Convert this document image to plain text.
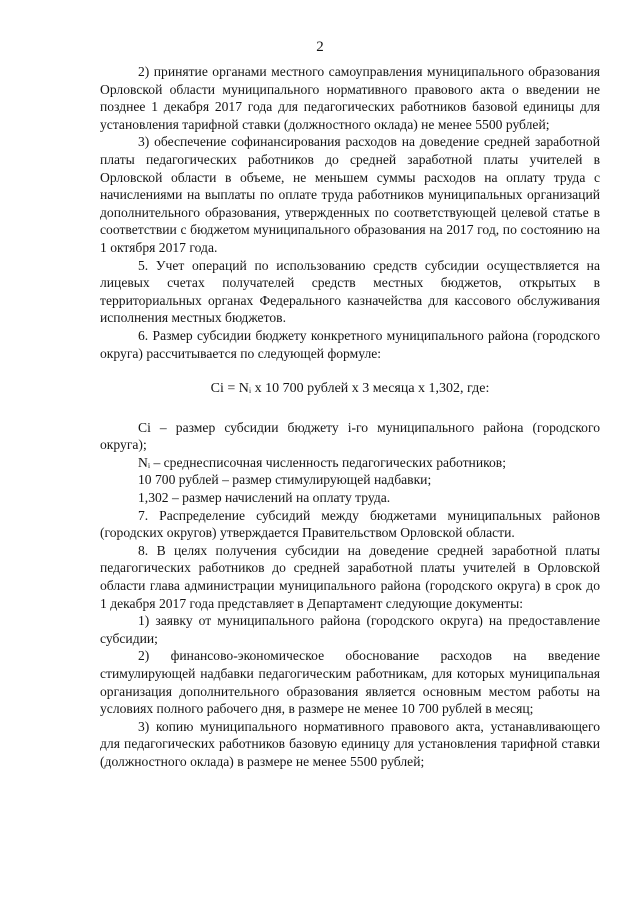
2

2) принятие органами местного самоуправления муниципального образования Орловской области муниципального нормативного правового акта о введении не позднее 1 декабря 2017 года для педагогических работников базовой единицы для установления тарифной ставки (должностного оклада) не менее 5500 рублей;

3) обеспечение софинансирования расходов на доведение средней заработной платы педагогических работников до средней заработной платы учителей в Орловской области в объеме, не меньшем суммы расходов на оплату труда с начислениями на выплаты по оплате труда работников муниципальных организаций дополнительного образования, утвержденных по соответствующей целевой статье в соответствии с бюджетом муниципального образования на 2017 год, по состоянию на 1 октября 2017 года.

5. Учет операций по использованию средств субсидии осуществляется на лицевых счетах получателей средств местных бюджетов, открытых в территориальных органах Федерального казначейства для кассового обслуживания исполнения местных бюджетов.

6. Размер субсидии бюджету конкретного муниципального района (городского округа) рассчитывается по следующей формуле:

Ci = Nᵢ x 10 700 рублей x 3 месяца x 1,302, где:

Ci – размер субсидии бюджету i-го муниципального района (городского округа);

Nᵢ – среднесписочная численность педагогических работников;

10 700 рублей – размер стимулирующей надбавки;

1,302 – размер начислений на оплату труда.

7. Распределение субсидий между бюджетами муниципальных районов (городских округов) утверждается Правительством Орловской области.

8. В целях получения субсидии на доведение средней заработной платы педагогических работников до средней заработной платы учителей в Орловской области глава администрации муниципального района (городского округа) в срок до 1 декабря 2017 года представляет в Департамент следующие документы:

1) заявку от муниципального района (городского округа) на предоставление субсидии;

2) финансово-экономическое обоснование расходов на введение стимулирующей надбавки педагогическим работникам, для которых муниципальная организация дополнительного образования является основным местом работы на условиях полного рабочего дня, в размере не менее 10 700 рублей в месяц;

3) копию муниципального нормативного правового акта, устанавливающего для педагогических работников базовую единицу для установления тарифной ставки (должностного оклада) в размере не менее 5500 рублей;
